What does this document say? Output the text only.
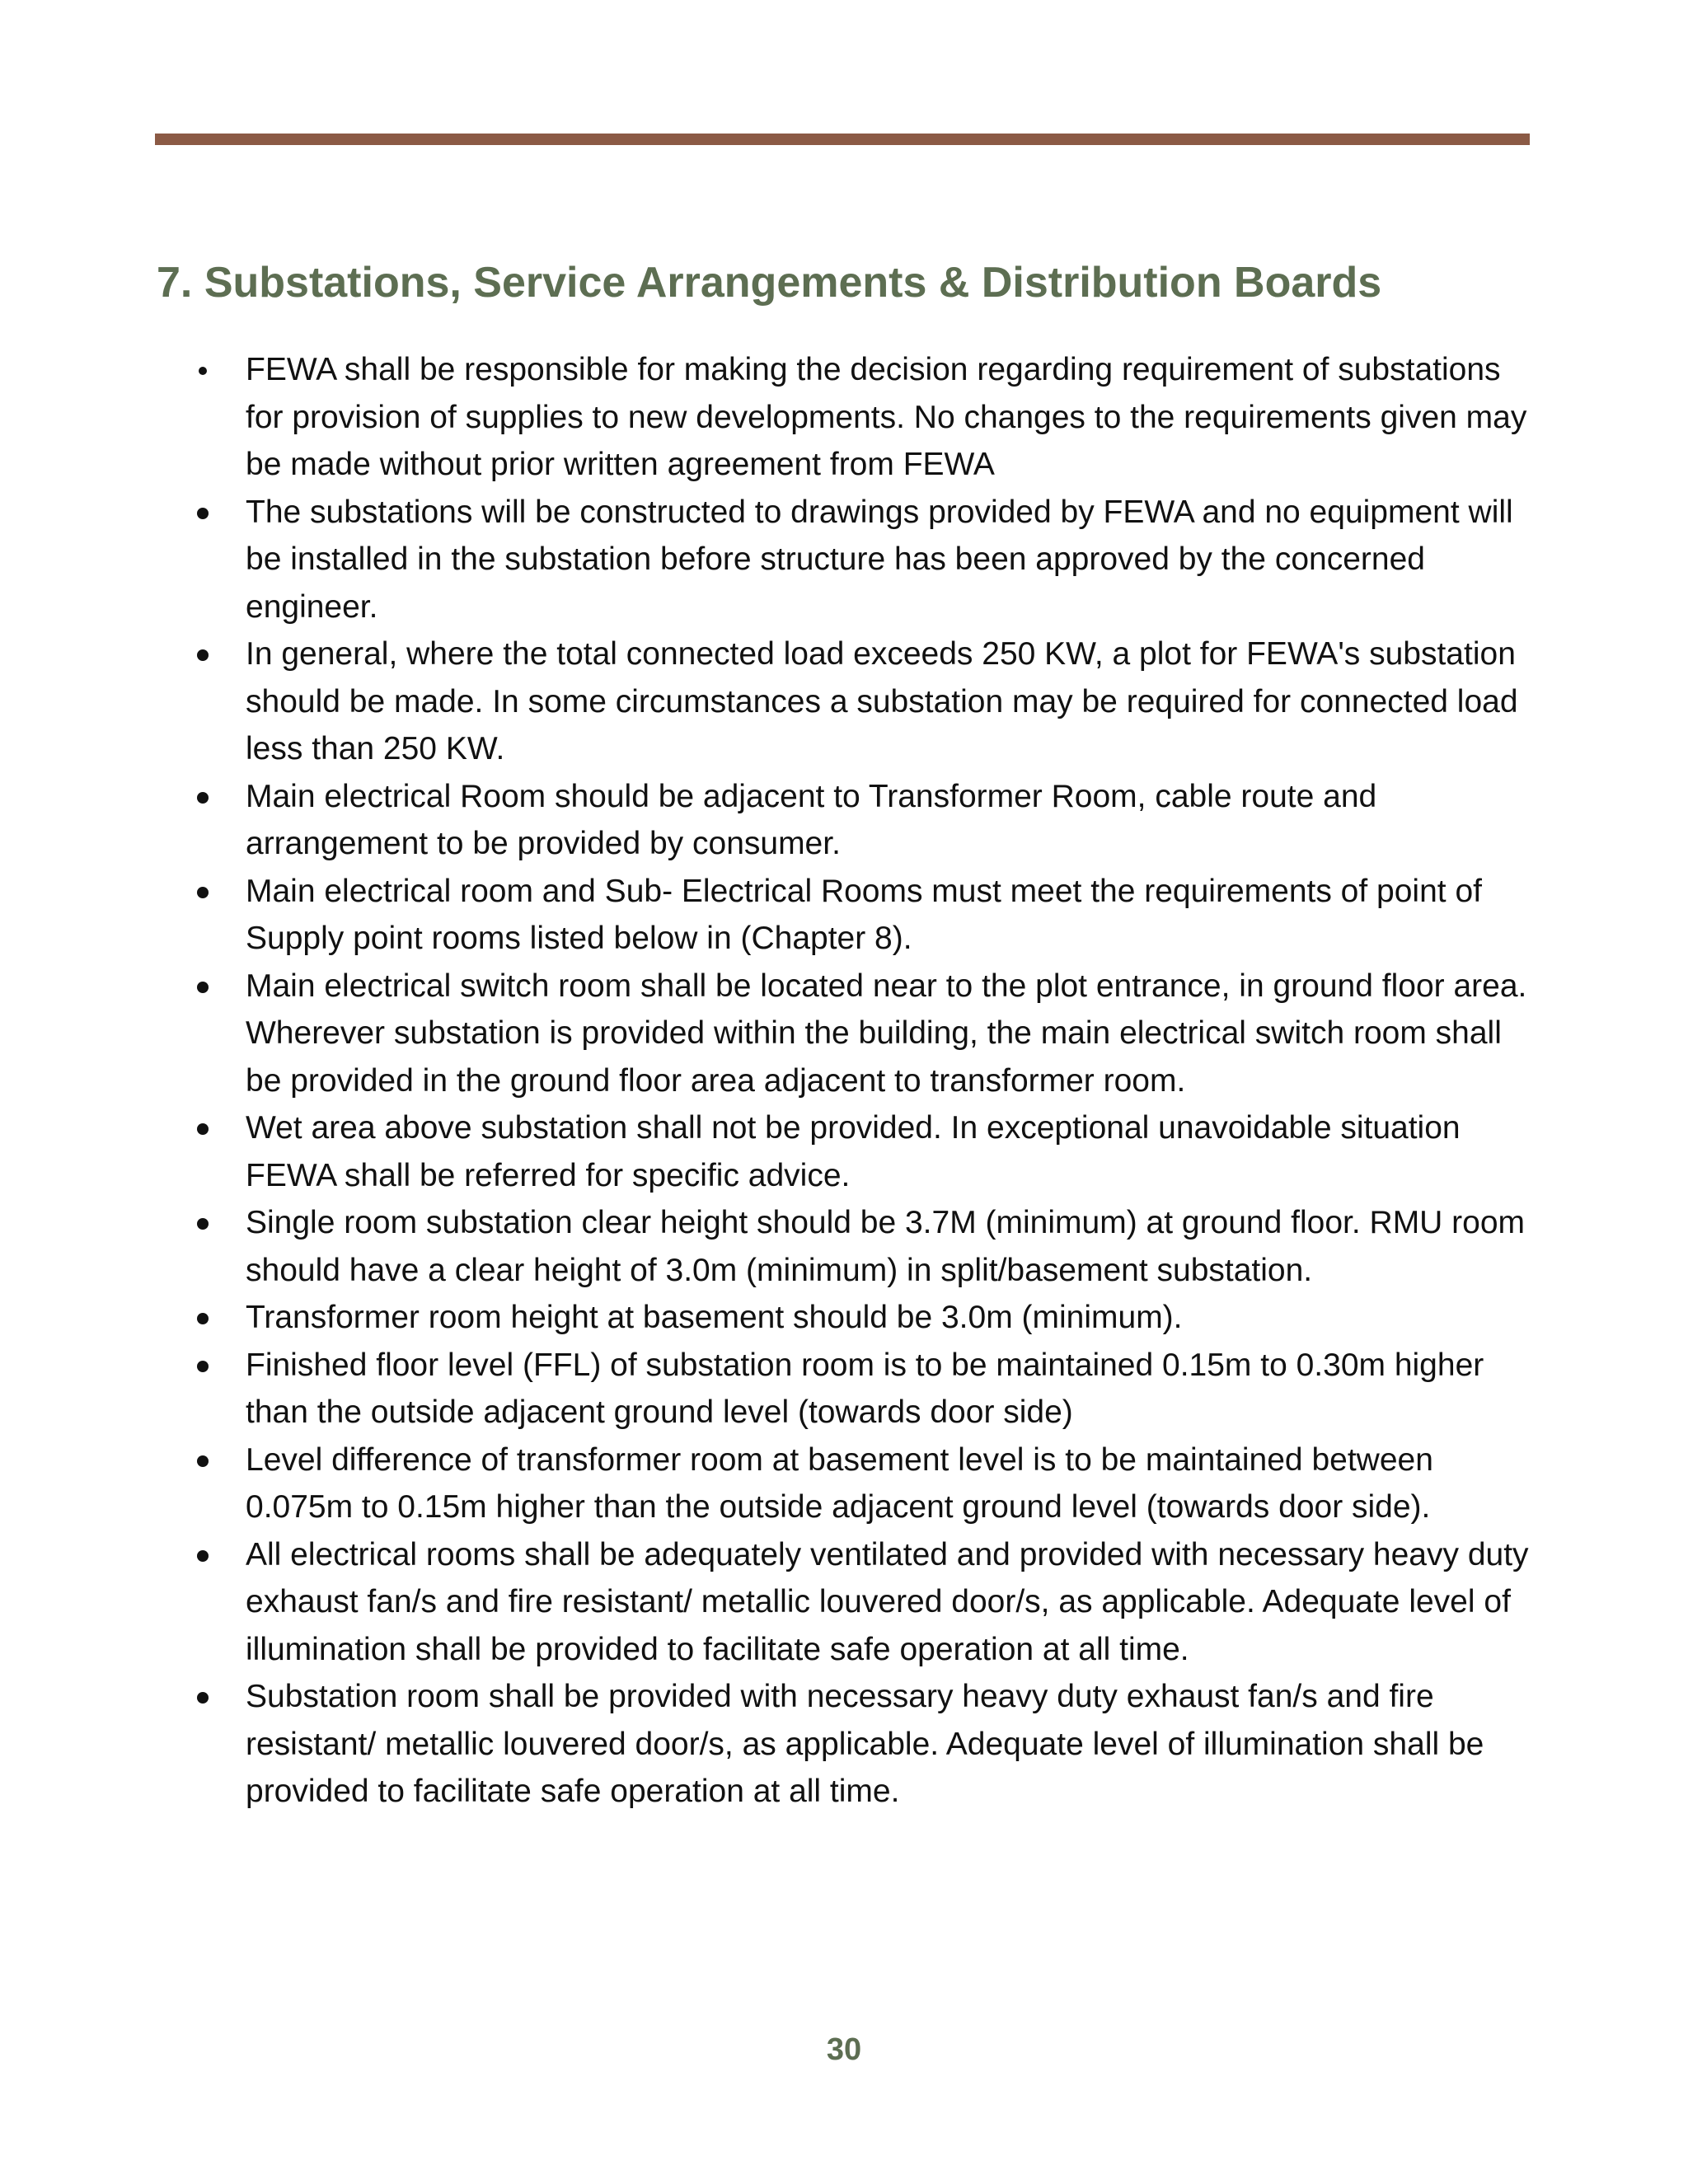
7. Substations, Service Arrangements & Distribution Boards
FEWA shall be responsible for making the decision regarding requirement of substations for provision of supplies to new developments. No changes to the requirements given may be made without prior written agreement from FEWA
The substations will be constructed to drawings provided by FEWA and no equipment will be installed in the substation before structure has been approved by the concerned engineer.
In general, where the total connected load exceeds 250 KW, a plot for FEWA's substation should be made. In some circumstances a substation may be required for connected load less than 250 KW.
Main electrical Room should be adjacent to Transformer Room, cable route and arrangement to be provided by consumer.
Main electrical room and Sub- Electrical Rooms must meet the requirements of point of Supply point rooms listed below in (Chapter 8).
Main electrical switch room shall be located near to the plot entrance, in ground floor area. Wherever substation is provided within the building, the main electrical switch room shall be provided in the ground floor area adjacent to transformer room.
Wet area above substation shall not be provided. In exceptional unavoidable situation FEWA shall be referred for specific advice.
Single room substation clear height should be 3.7M (minimum) at ground floor. RMU room should have a clear height of 3.0m (minimum) in split/basement substation.
Transformer room height at basement should be 3.0m (minimum).
Finished floor level (FFL) of substation room is to be maintained 0.15m to 0.30m higher than the outside adjacent ground level (towards door side)
Level difference of transformer room at basement level is to be maintained between 0.075m to 0.15m higher than the outside adjacent ground level (towards door side).
All electrical rooms shall be adequately ventilated and provided with necessary heavy duty exhaust fan/s and fire resistant/ metallic louvered door/s, as applicable. Adequate level of illumination shall be provided to facilitate safe operation at all time.
Substation room shall be provided with necessary heavy duty exhaust fan/s and fire resistant/ metallic louvered door/s, as applicable. Adequate level of illumination shall be provided to facilitate safe operation at all time.
30
